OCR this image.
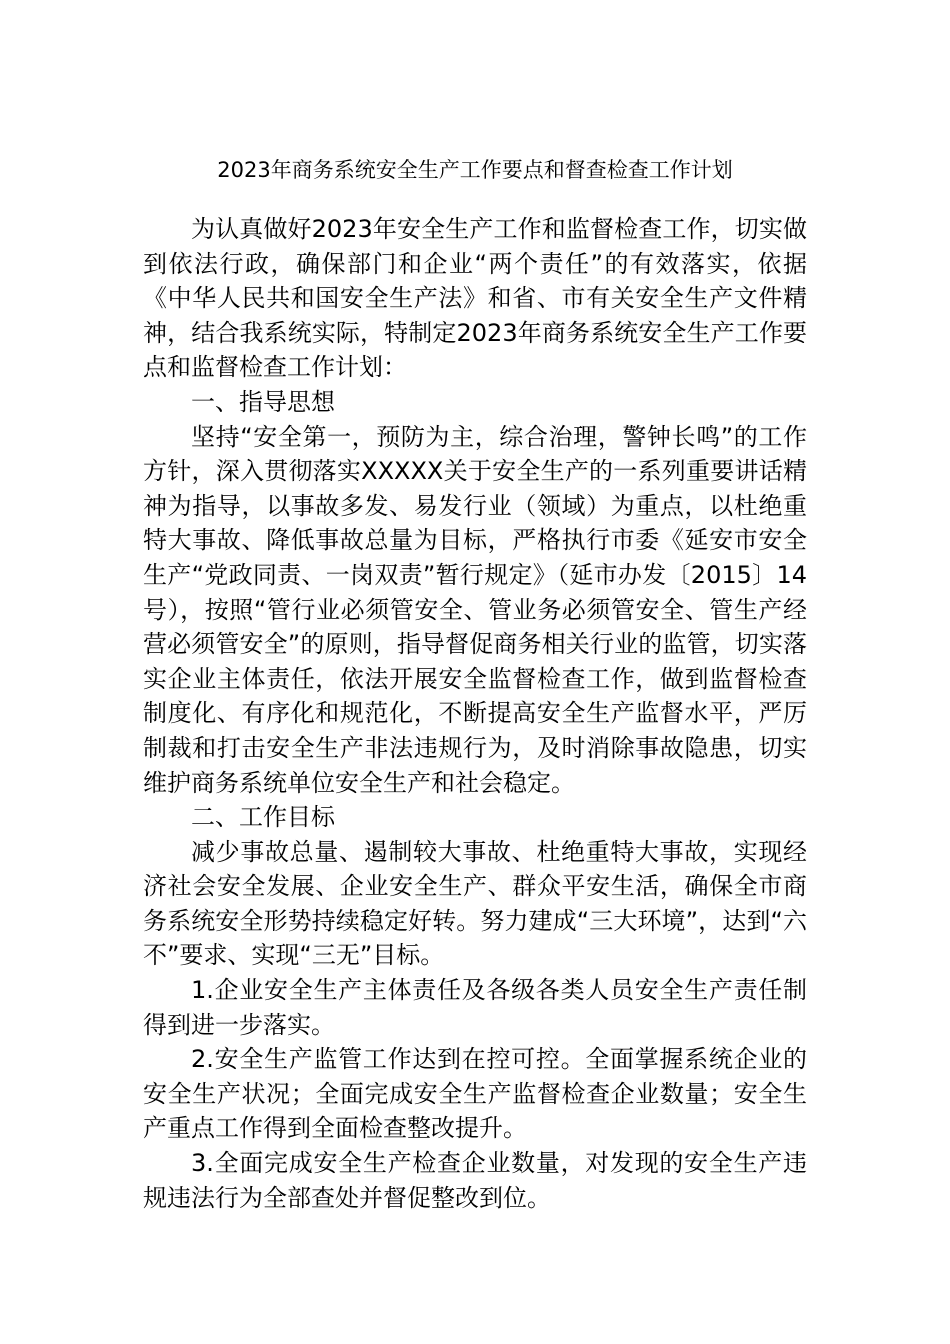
2023年商务系统安全生产工作要点和督查检查工作计划

为认真做好2023年安全生产工作和监督检查工作，切实做到依法行政，确保部门和企业“两个责任”的有效落实，依据《中华人民共和国安全生产法》和省、市有关安全生产文件精神，结合我系统实际，特制定2023年商务系统安全生产工作要点和监督检查工作计划：

一、指导思想

坚持“安全第一，预防为主，综合治理，警钟长鸣”的工作方针，深入贯彻落实XXXXX关于安全生产的一系列重要讲话精神为指导，以事故多发、易发行业（领域）为重点，以杜绝重特大事故、降低事故总量为目标，严格执行市委《延安市安全生产“党政同责、一岗双责”暂行规定》（延市办发〔2015〕14号），按照“管行业必须管安全、管业务必须管安全、管生产经营必须管安全”的原则，指导督促商务相关行业的监管，切实落实企业主体责任，依法开展安全监督检查工作，做到监督检查制度化、有序化和规范化，不断提高安全生产监督水平，严厉制裁和打击安全生产非法违规行为，及时消除事故隐患，切实维护商务系统单位安全生产和社会稳定。

二、工作目标

减少事故总量、遏制较大事故、杜绝重特大事故，实现经济社会安全发展、企业安全生产、群众平安生活，确保全市商务系统安全形势持续稳定好转。努力建成“三大环境”，达到“六不”要求、实现“三无”目标。

1.企业安全生产主体责任及各级各类人员安全生产责任制得到进一步落实。

2.安全生产监管工作达到在控可控。全面掌握系统企业的安全生产状况；全面完成安全生产监督检查企业数量；安全生产重点工作得到全面检查整改提升。

3.全面完成安全生产检查企业数量，对发现的安全生产违规违法行为全部查处并督促整改到位。
